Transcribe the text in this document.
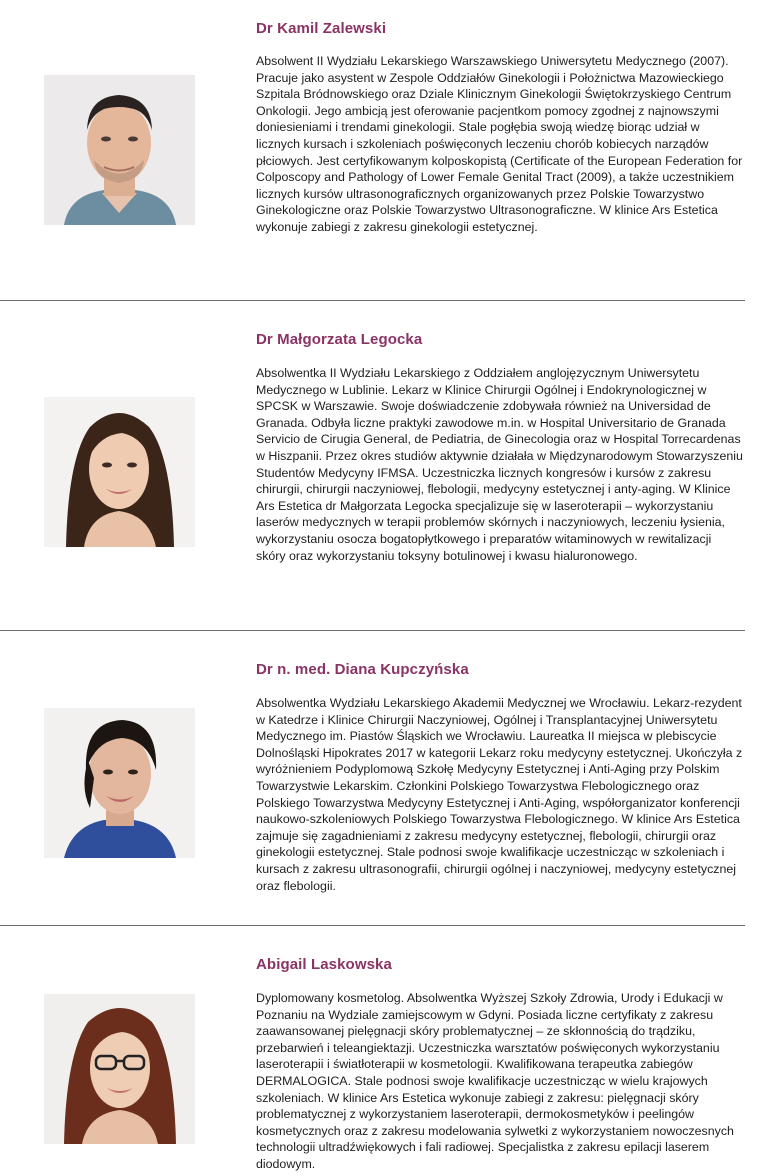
Dr Kamil Zalewski

Absolwent II Wydziału Lekarskiego Warszawskiego Uniwersytetu Medycznego (2007). Pracuje jako asystent w Zespole Oddziałów Ginekologii i Położnictwa Mazowieckiego Szpitala Bródnowskiego oraz Dziale Klinicznym Ginekologii Świętokrzyskiego Centrum Onkologii. Jego ambicją jest oferowanie pacjentkom pomocy zgodnej z najnowszymi doniesieniami i trendami ginekologii. Stale pogłębia swoją wiedzę biorąc udział w licznych kursach i szkoleniach poświęconych leczeniu chorób kobiecych narządów płciowych. Jest certyfikowanym kolposkopistą (Certificate of the European Federation for Colposcopy and Pathology of Lower Female Genital Tract (2009), a także uczestnikiem licznych kursów ultrasonograficznych organizowanych przez Polskie Towarzystwo Ginekologiczne oraz Polskie Towarzystwo Ultrasonograficzne. W klinice Ars Estetica wykonuje zabiegi z zakresu ginekologii estetycznej.

Dr Małgorzata Legocka

Absolwentka II Wydziału Lekarskiego z Oddziałem anglojęzycznym Uniwersytetu Medycznego w Lublinie. Lekarz w Klinice Chirurgii Ogólnej i Endokrynologicznej w SPCSK w Warszawie. Swoje doświadczenie zdobywała również na Universidad de Granada. Odbyła liczne praktyki zawodowe m.in. w Hospital Universitario de Granada Servicio de Cirugia General, de Pediatria, de Ginecologia oraz w Hospital Torrecardenas w Hiszpanii. Przez okres studiów aktywnie działała w Międzynarodowym Stowarzyszeniu Studentów Medycyny IFMSA. Uczestniczka licznych kongresów i kursów z zakresu chirurgii, chirurgii naczyniowej, flebologii, medycyny estetycznej i anty-aging. W Klinice Ars Estetica dr Małgorzata Legocka specjalizuje się w laseroterapii – wykorzystaniu laserów medycznych w terapii problemów skórnych i naczyniowych, leczeniu łysienia, wykorzystaniu osocza bogatopłytkowego i preparatów witaminowych w rewitalizacji skóry oraz wykorzystaniu toksyny botulinowej i kwasu hialuronowego.

Dr n. med. Diana Kupczyńska

Absolwentka Wydziału Lekarskiego Akademii Medycznej we Wrocławiu. Lekarz-rezydent w Katedrze i Klinice Chirurgii Naczyniowej, Ogólnej i Transplantacyjnej Uniwersytetu Medycznego im. Piastów Śląskich we Wrocławiu. Laureatka II miejsca w plebiscycie Dolnośląski Hipokrates 2017 w kategorii Lekarz roku medycyny estetycznej. Ukończyła z wyróżnieniem Podyplomową Szkołę Medycyny Estetycznej i Anti-Aging przy Polskim Towarzystwie Lekarskim. Członkini Polskiego Towarzystwa Flebologicznego oraz Polskiego Towarzystwa Medycyny Estetycznej i Anti-Aging, współorganizator konferencji naukowo-szkoleniowych Polskiego Towarzystwa Flebologicznego. W klinice Ars Estetica zajmuje się zagadnieniami z zakresu medycyny estetycznej, flebologii, chirurgii oraz ginekologii estetycznej. Stale podnosi swoje kwalifikacje uczestnicząc w szkoleniach i kursach z zakresu ultrasonografii, chirurgii ogólnej i naczyniowej, medycyny estetycznej oraz flebologii.

Abigail Laskowska

Dyplomowany kosmetolog. Absolwentka Wyższej Szkoły Zdrowia, Urody i Edukacji w Poznaniu na Wydziale zamiejscowym w Gdyni. Posiada liczne certyfikaty z zakresu zaawansowanej pielęgnacji skóry problematycznej – ze skłonnością do trądziku, przebarwień i teleangiektazji. Uczestniczka warsztatów poświęconych wykorzystaniu laseroterapii i światłoterapii w kosmetologii. Kwalifikowana terapeutka zabiegów DERMALOGICA. Stale podnosi swoje kwalifikacje uczestnicząc w wielu krajowych szkoleniach. W klinice Ars Estetica wykonuje zabiegi z zakresu: pielęgnacji skóry problematycznej z wykorzystaniem laseroterapii, dermokosmetyków i peelingów kosmetycznych oraz z zakresu modelowania sylwetki z wykorzystaniem nowoczesnych technologii ultradźwiękowych i fali radiowej. Specjalistka z zakresu epilacji laserem diodowym.
